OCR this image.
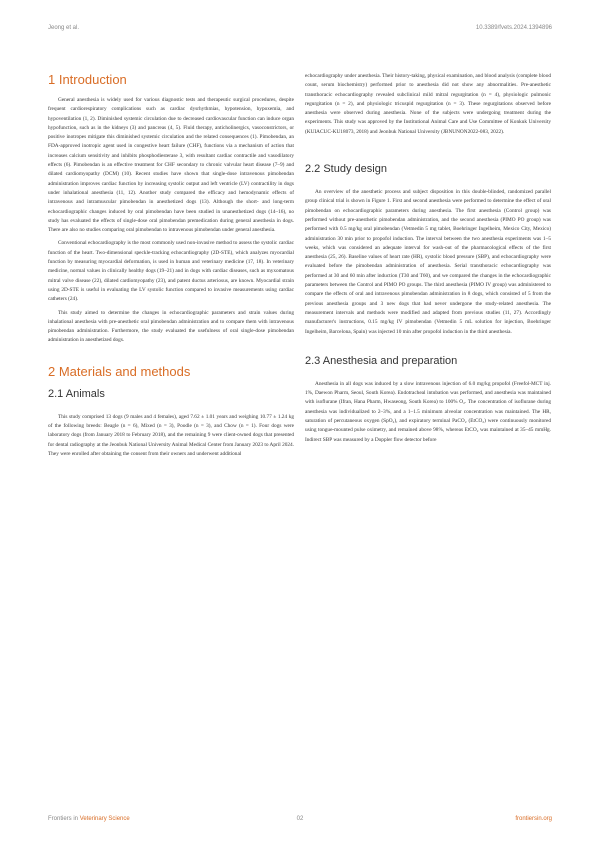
Jeong et al.	10.3389/fvets.2024.1394896
1 Introduction

General anesthesia is widely used for various diagnostic tests and therapeutic surgical procedures, despite frequent cardiorespiratory complications such as cardiac dysrhythmias, hypotension, hypoxemia, and hypoventilation (1, 2). Diminished systemic circulation due to decreased cardiovascular function can induce organ hypofunction, such as in the kidneys (3) and pancreas (4, 5). Fluid therapy, anticholinergics, vasoconstrictors, or positive inotropes mitigate this diminished systemic circulation and the related consequences (1). Pimobendan, an FDA-approved inotropic agent used in congestive heart failure (CHF), functions via a mechanism of action that increases calcium sensitivity and inhibits phosphodiesterase 3, with resultant cardiac contractile and vasodilatory effects (6). Pimobendan is an effective treatment for CHF secondary to chronic valvular heart disease (7–9) and dilated cardiomyopathy (DCM) (10). Recent studies have shown that single-dose intravenous pimobendan administration improves cardiac function by increasing systolic output and left ventricle (LV) contractility in dogs under inhalational anesthesia (11, 12). Another study compared the efficacy and hemodynamic effects of intravenous and intramuscular pimobendan in anesthetized dogs (13). Although the short- and long-term echocardiographic changes induced by oral pimobendan have been studied in unanesthetized dogs (14–16), no study has evaluated the effects of single-dose oral pimobendan premedication during general anesthesia in dogs. There are also no studies comparing oral pimobendan to intravenous pimobendan under general anesthesia.

Conventional echocardiography is the most commonly used non-invasive method to assess the systolic cardiac function of the heart. Two-dimensional speckle-tracking echocardiography (2D-STE), which analyzes myocardial function by measuring myocardial deformation, is used in human and veterinary medicine (17, 18). In veterinary medicine, normal values in clinically healthy dogs (19–21) and in dogs with cardiac diseases, such as myxomatous mitral valve disease (22), dilated cardiomyopathy (23), and patent ductus arteriosus, are known. Myocardial strain using 2D-STE is useful in evaluating the LV systolic function compared to invasive measurements using cardiac catheters (24).

This study aimed to determine the changes in echocardiographic parameters and strain values during inhalational anesthesia with pre-anesthetic oral pimobendan administration and to compare them with intravenous pimobendan administration. Furthermore, the study evaluated the usefulness of oral single-dose pimobendan administration in anesthetized dogs.

2 Materials and methods
2.1 Animals

This study comprised 13 dogs (9 males and 4 females), aged 7.62 ± 1.01 years and weighing 10.77 ± 1.24 kg of the following breeds: Beagle (n = 6), Mixed (n = 3), Poodle (n = 3), and Chow (n = 1). Four dogs were laboratory dogs (from January 2018 to February 2018), and the remaining 9 were client-owned dogs that presented for dental radiography at the Jeonbuk National University Animal Medical Center from January 2023 to April 2024. They were enrolled after obtaining the consent from their owners and underwent additional

echocardiography under anesthesia. Their history-taking, physical examination, and blood analysis (complete blood count, serum biochemistry) performed prior to anesthesia did not show any abnormalities. Pre-anesthetic transthoracic echocardiography revealed subclinical mild mitral regurgitation (n = 4), physiologic pulmonic regurgitation (n = 2), and physiologic tricuspid regurgitation (n = 3). These regurgitations observed before anesthesia were observed during anesthesia. None of the subjects were undergoing treatment during the experiments. This study was approved by the Institutional Animal Care and Use Committee of Konkuk University (KUIACUC-KU18073, 2018) and Jeonbuk National University (JBNUNON2022-083, 2022).

2.2 Study design

An overview of the anesthetic process and subject disposition in this double-blinded, randomized parallel group clinical trial is shown in Figure 1. First and second anesthesia were performed to determine the effect of oral pimobendan on echocardiographic parameters during anesthesia. The first anesthesia (Control group) was performed without pre-anesthetic pimobendan administration, and the second anesthesia (PIMO PO group) was performed with 0.5 mg/kg oral pimobendan (Vetmedin 5 mg tablet, Boehringer Ingelheim, Mexico City, Mexico) administration 30 min prior to propofol induction. The interval between the two anesthesia experiments was 1–5 weeks, which was considered an adequate interval for wash-out of the pharmacological effects of the first anesthesia (25, 26). Baseline values of heart rate (HR), systolic blood pressure (SBP), and echocardiography were evaluated before the pimobendan administration of anesthesia. Serial transthoracic echocardiography was performed at 30 and 60 min after induction (T30 and T60), and we compared the changes in the echocardiographic parameters between the Control and PIMO PO groups. The third anesthesia (PIMO IV group) was administered to compare the effects of oral and intravenous pimobendan administration in 8 dogs, which consisted of 5 from the previous anesthesia groups and 3 new dogs that had never undergone the study-related anesthesia. The measurement intervals and methods were modified and adapted from previous studies (11, 27). Accordingly manufacturer's instructions, 0.15 mg/kg IV pimobendan (Vetmedin 5 mL solution for injection, Boehringer Ingelheim, Barcelona, Spain) was injected 10 min after propofol induction in the third anesthesia.

2.3 Anesthesia and preparation

Anesthesia in all dogs was induced by a slow intravenous injection of 6.0 mg/kg propofol (Freefol-MCT inj. 1%, Daewon Pharm, Seoul, South Korea). Endotracheal intubation was performed, and anesthesia was maintained with isoflurane (Ifran, Hana Pharm, Hwaseong, South Korea) to 100% O₂. The concentration of isoflurane during anesthesia was individualized to 2–3%, and a 1–1.5 minimum alveolar concentration was maintained. The HR, saturation of percutaneous oxygen (SpO₂), and expiratory terminal PaCO₂ (EtCO₂) were continuously monitored using tongue-mounted pulse oximetry, and remained above 98%, whereas EtCO₂ was maintained at 35–45 mmHg. Indirect SBP was measured by a Doppler flow detector before

Frontiers in Veterinary Science	02	frontiersin.org
